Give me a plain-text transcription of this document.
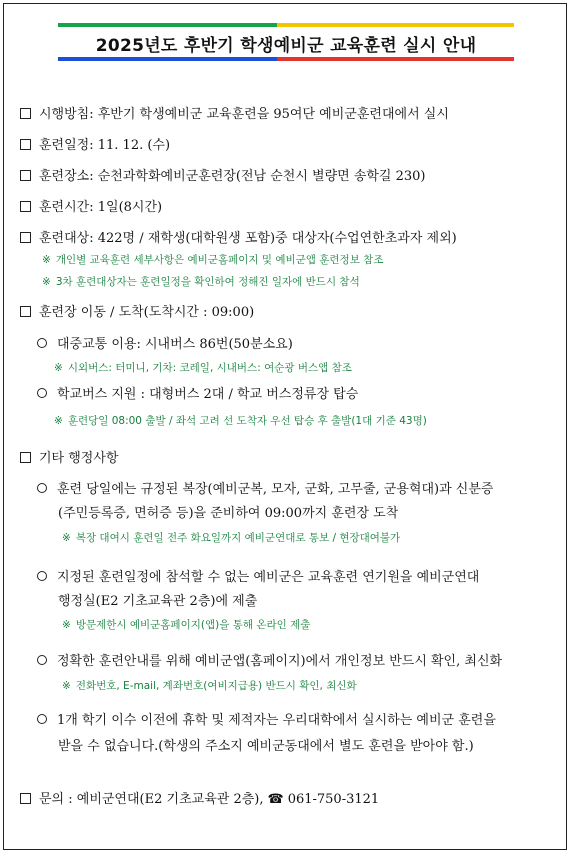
2025년도 후반기 학생예비군 교육훈련 실시 안내
시행방침: 후반기 학생예비군 교육훈련을 95여단 예비군훈련대에서 실시
훈련일정: 11. 12. (수)
훈련장소: 순천과학화예비군훈련장(전남 순천시 별량면 송학길 230)
훈련시간: 1일(8시간)
훈련대상: 422명 / 재학생(대학원생 포함)중 대상자(수업연한초과자 제외)
※ 개인별 교육훈련 세부사항은 예비군홈페이지 및 예비군앱 훈련정보 참조
※ 3차 훈련대상자는 훈련일정을 확인하여 정해진 일자에 반드시 참석
훈련장 이동 / 도착(도착시간 : 09:00)
대중교통 이용: 시내버스 86번(50분소요)
※ 시외버스: 터미니, 기차: 코레일, 시내버스: 여순광 버스앱 참조
학교버스 지원 : 대형버스 2대 / 학교 버스정류장 탑승
※ 훈련당일 08:00 출발 / 좌석 고려 선 도착자 우선 탑승 후 출발(1대 기준 43명)
기타 행정사항
훈련 당일에는 규정된 복장(예비군복, 모자, 군화, 고무줄, 군용혁대)과 신분증
(주민등록증, 면허증 등)을 준비하여 09:00까지 훈련장 도착
※ 복장 대여시 훈련일 전주 화요일까지 예비군연대로 통보 / 현장대여불가
지정된 훈련일정에 참석할 수 없는 예비군은 교육훈련 연기원을 예비군연대
행정실(E2 기초교육관 2층)에 제출
※ 방문제한시 예비군홈페이지(앱)을 통해 온라인 제출
정확한 훈련안내를 위해 예비군앱(홈페이지)에서 개인정보 반드시 확인, 최신화
※ 전화번호, E-mail, 계좌번호(여비지급용) 반드시 확인, 최신화
1개 학기 이수 이전에 휴학 및 제적자는 우리대학에서 실시하는 예비군 훈련을
받을 수 없습니다.(학생의 주소지 예비군동대에서 별도 훈련을 받아야 함.)
문의 : 예비군연대(E2 기초교육관 2층), ☎ 061-750-3121
